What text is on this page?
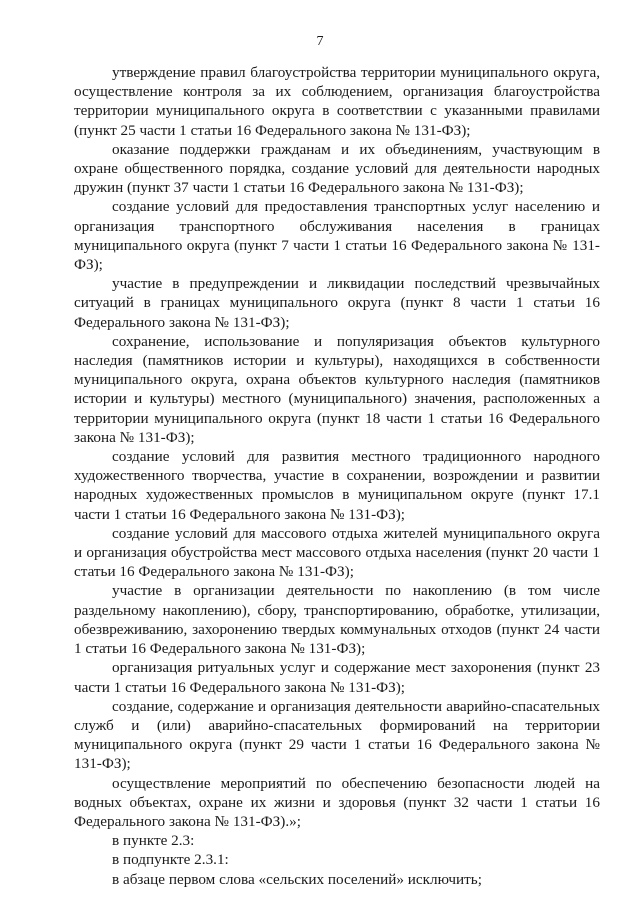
7

утверждение правил благоустройства территории муниципального округа, осуществление контроля за их соблюдением, организация благоустройства территории муниципального округа в соответствии с указанными правилами (пункт 25 части 1 статьи 16 Федерального закона № 131-ФЗ);

оказание поддержки гражданам и их объединениям, участвующим в охране общественного порядка, создание условий для деятельности народных дружин (пункт 37 части 1 статьи 16 Федерального закона № 131-ФЗ);

создание условий для предоставления транспортных услуг населению и организация транспортного обслуживания населения в границах муниципального округа (пункт 7 части 1 статьи 16 Федерального закона № 131-ФЗ);

участие в предупреждении и ликвидации последствий чрезвычайных ситуаций в границах муниципального округа (пункт 8 части 1 статьи 16 Федерального закона № 131-ФЗ);

сохранение, использование и популяризация объектов культурного наследия (памятников истории и культуры), находящихся в собственности муниципального округа, охрана объектов культурного наследия (памятников истории и культуры) местного (муниципального) значения, расположенных а территории муниципального округа (пункт 18 части 1 статьи 16 Федерального закона № 131-ФЗ);

создание условий для развития местного традиционного народного художественного творчества, участие в сохранении, возрождении и развитии народных художественных промыслов в муниципальном округе (пункт 17.1 части 1 статьи 16 Федерального закона № 131-ФЗ);

создание условий для массового отдыха жителей муниципального округа и организация обустройства мест массового отдыха населения (пункт 20 части 1 статьи 16 Федерального закона № 131-ФЗ);

участие в организации деятельности по накоплению (в том числе раздельному накоплению), сбору, транспортированию, обработке, утилизации, обезвреживанию, захоронению твердых коммунальных отходов (пункт 24 части 1 статьи 16 Федерального закона № 131-ФЗ);

организация ритуальных услуг и содержание мест захоронения (пункт 23 части 1 статьи 16 Федерального закона № 131-ФЗ);

создание, содержание и организация деятельности аварийно-спасательных служб и (или) аварийно-спасательных формирований на территории муниципального округа (пункт 29 части 1 статьи 16 Федерального закона № 131-ФЗ);

осуществление мероприятий по обеспечению безопасности людей на водных объектах, охране их жизни и здоровья (пункт 32 части 1 статьи 16 Федерального закона № 131-ФЗ).»;

в пункте 2.3:

в подпункте 2.3.1:

в абзаце первом слова «сельских поселений» исключить;
